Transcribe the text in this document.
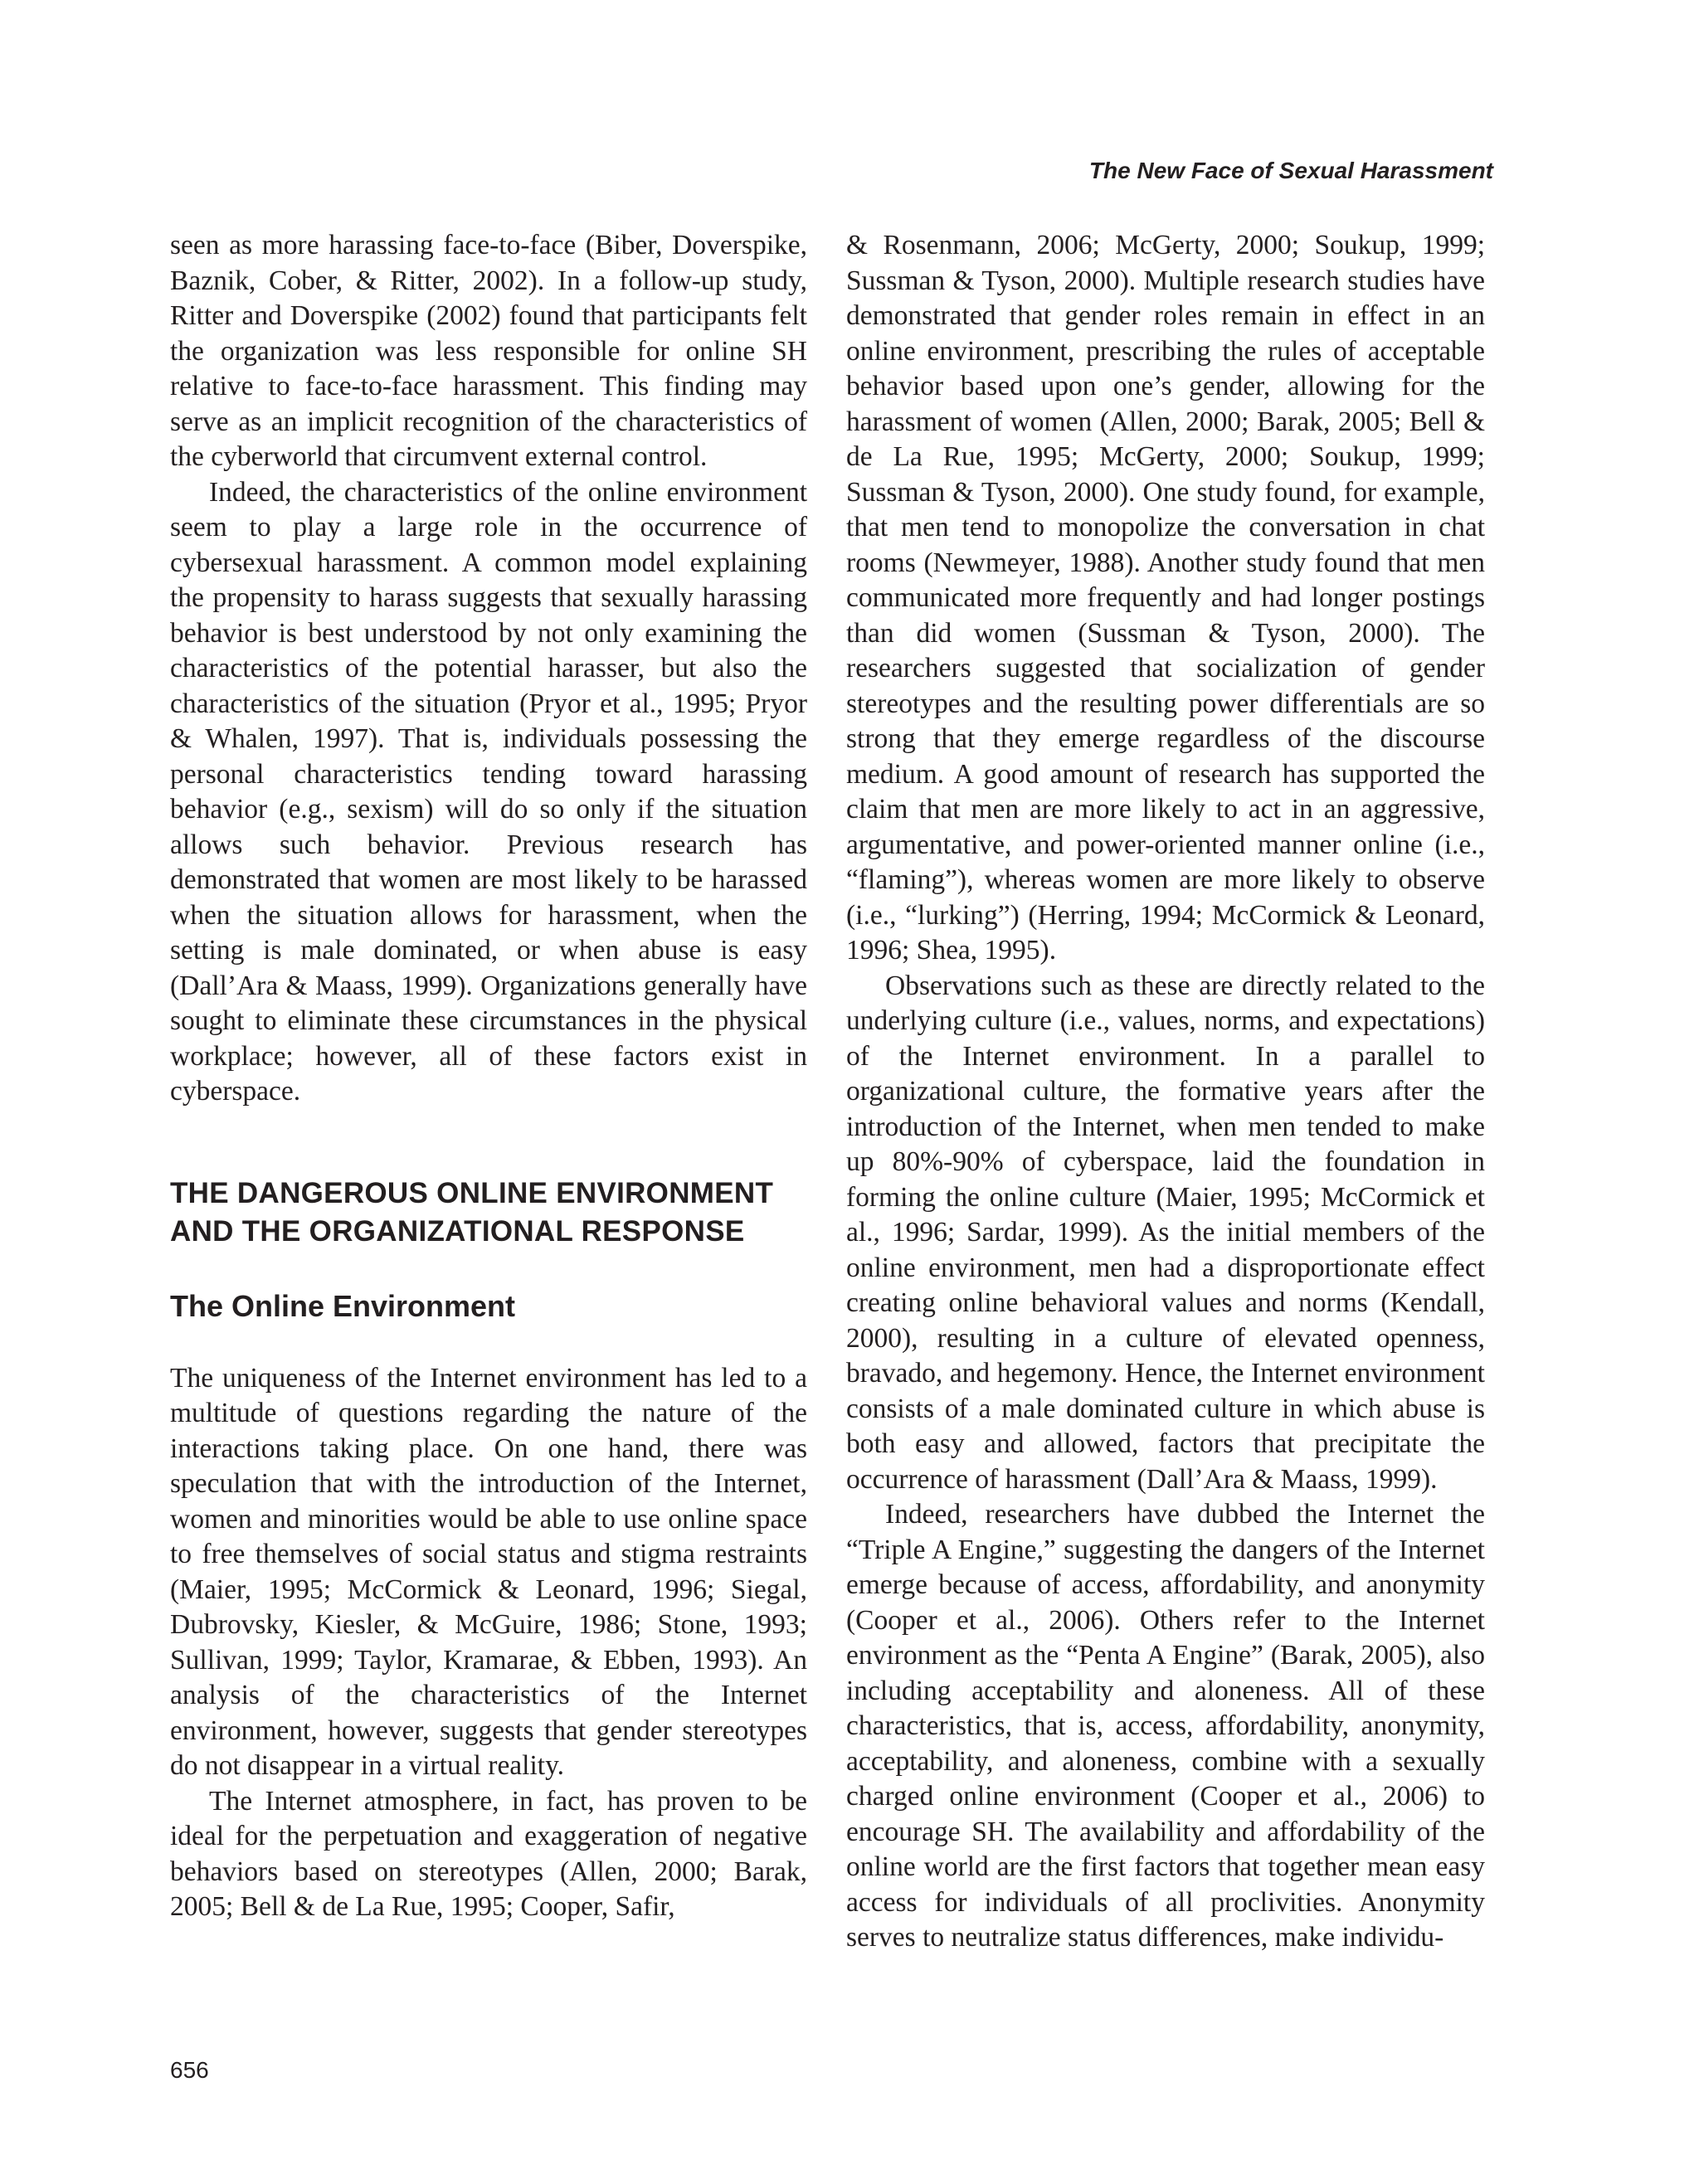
The New Face of Sexual Harassment

seen as more harassing face-to-face (Biber, Doverspike, Baznik, Cober, & Ritter, 2002). In a follow-up study, Ritter and Doverspike (2002) found that participants felt the organization was less responsible for online SH relative to face-to-face harassment. This finding may serve as an implicit recognition of the characteristics of the cyberworld that circumvent external control.

Indeed, the characteristics of the online environment seem to play a large role in the occurrence of cybersexual harassment. A common model explaining the propensity to harass suggests that sexually harassing behavior is best understood by not only examining the characteristics of the potential harasser, but also the characteristics of the situation (Pryor et al., 1995; Pryor & Whalen, 1997). That is, individuals possessing the personal characteristics tending toward harassing behavior (e.g., sexism) will do so only if the situation allows such behavior. Previous research has demonstrated that women are most likely to be harassed when the situation allows for harassment, when the setting is male dominated, or when abuse is easy (Dall’Ara & Maass, 1999). Organizations generally have sought to eliminate these circumstances in the physical workplace; however, all of these factors exist in cyberspace.

THE DANGEROUS ONLINE ENVIRONMENT AND THE ORGANIZATIONAL RESPONSE
The Online Environment

The uniqueness of the Internet environment has led to a multitude of questions regarding the nature of the interactions taking place. On one hand, there was speculation that with the introduction of the Internet, women and minorities would be able to use online space to free themselves of social status and stigma restraints (Maier, 1995; McCormick & Leonard, 1996; Siegal, Dubrovsky, Kiesler, & McGuire, 1986; Stone, 1993; Sullivan, 1999; Taylor, Kramarae, & Ebben, 1993). An analysis of the characteristics of the Internet environment, however, suggests that gender stereotypes do not disappear in a virtual reality.

The Internet atmosphere, in fact, has proven to be ideal for the perpetuation and exaggeration of negative behaviors based on stereotypes (Allen, 2000; Barak, 2005; Bell & de La Rue, 1995; Cooper, Safir,

& Rosenmann, 2006; McGerty, 2000; Soukup, 1999; Sussman & Tyson, 2000). Multiple research studies have demonstrated that gender roles remain in effect in an online environment, prescribing the rules of acceptable behavior based upon one’s gender, allowing for the harassment of women (Allen, 2000; Barak, 2005; Bell & de La Rue, 1995; McGerty, 2000; Soukup, 1999; Sussman & Tyson, 2000). One study found, for example, that men tend to monopolize the conversation in chat rooms (Newmeyer, 1988). Another study found that men communicated more frequently and had longer postings than did women (Sussman & Tyson, 2000). The researchers suggested that socialization of gender stereotypes and the resulting power differentials are so strong that they emerge regardless of the discourse medium. A good amount of research has supported the claim that men are more likely to act in an aggressive, argumentative, and power-oriented manner online (i.e., “flaming”), whereas women are more likely to observe (i.e., “lurking”) (Herring, 1994; McCormick & Leonard, 1996; Shea, 1995).

Observations such as these are directly related to the underlying culture (i.e., values, norms, and expectations) of the Internet environment. In a parallel to organizational culture, the formative years after the introduction of the Internet, when men tended to make up 80%-90% of cyberspace, laid the foundation in forming the online culture (Maier, 1995; McCormick et al., 1996; Sardar, 1999). As the initial members of the online environment, men had a disproportionate effect creating online behavioral values and norms (Kendall, 2000), resulting in a culture of elevated openness, bravado, and hegemony. Hence, the Internet environment consists of a male dominated culture in which abuse is both easy and allowed, factors that precipitate the occurrence of harassment (Dall’Ara & Maass, 1999).

Indeed, researchers have dubbed the Internet the “Triple A Engine,” suggesting the dangers of the Internet emerge because of access, affordability, and anonymity (Cooper et al., 2006). Others refer to the Internet environment as the “Penta A Engine” (Barak, 2005), also including acceptability and aloneness. All of these characteristics, that is, access, affordability, anonymity, acceptability, and aloneness, combine with a sexually charged online environment (Cooper et al., 2006) to encourage SH. The availability and affordability of the online world are the first factors that together mean easy access for individuals of all proclivities. Anonymity serves to neutralize status differences, make individu-

656
